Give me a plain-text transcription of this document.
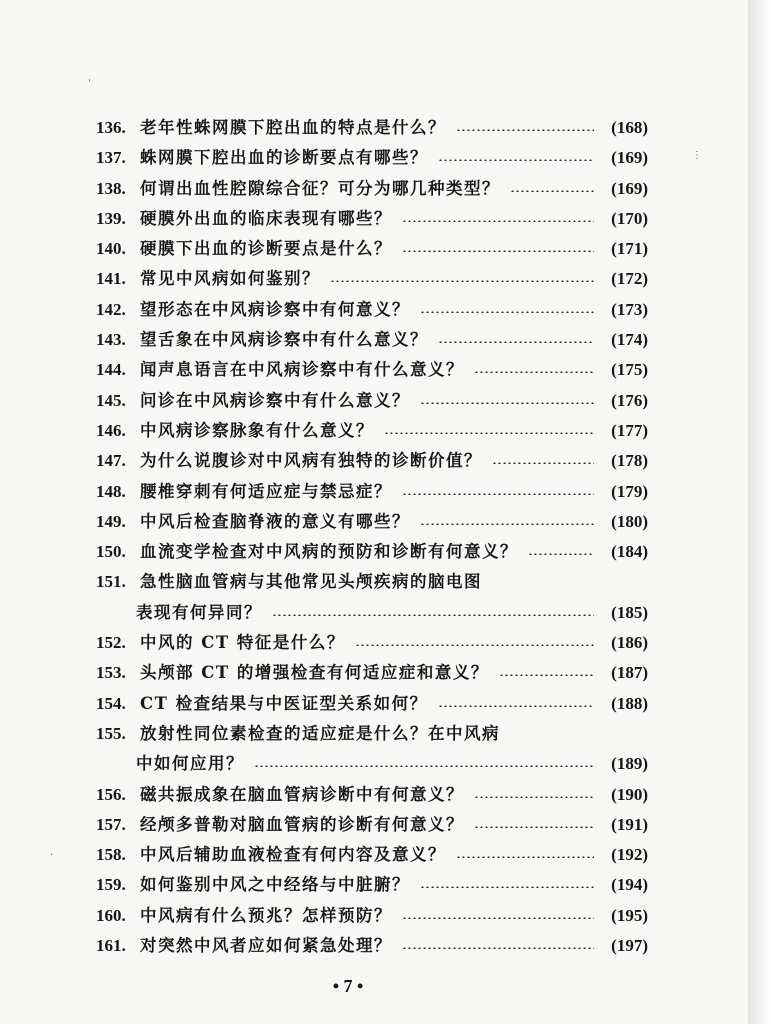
ˌ
⋮
·
136. 老年性蛛网膜下腔出血的特点是什么？	(168)
137. 蛛网膜下腔出血的诊断要点有哪些？	(169)
138. 何谓出血性腔隙综合征？可分为哪几种类型？	(169)
139. 硬膜外出血的临床表现有哪些？	(170)
140. 硬膜下出血的诊断要点是什么？	(171)
141. 常见中风病如何鉴别？	(172)
142. 望形态在中风病诊察中有何意义？	(173)
143. 望舌象在中风病诊察中有什么意义？	(174)
144. 闻声息语言在中风病诊察中有什么意义？	(175)
145. 问诊在中风病诊察中有什么意义？	(176)
146. 中风病诊察脉象有什么意义？	(177)
147. 为什么说腹诊对中风病有独特的诊断价值？	(178)
148. 腰椎穿刺有何适应症与禁忌症？	(179)
149. 中风后检查脑脊液的意义有哪些？	(180)
150. 血流变学检查对中风病的预防和诊断有何意义？	(184)
151. 急性脑血管病与其他常见头颅疾病的脑电图
表现有何异同？	(185)
152. 中风的 CT 特征是什么？	(186)
153. 头颅部 CT 的增强检查有何适应症和意义？	(187)
154. CT 检查结果与中医证型关系如何？	(188)
155. 放射性同位素检查的适应症是什么？在中风病
中如何应用？	(189)
156. 磁共振成象在脑血管病诊断中有何意义？	(190)
157. 经颅多普勒对脑血管病的诊断有何意义？	(191)
158. 中风后辅助血液检查有何内容及意义？	(192)
159. 如何鉴别中风之中经络与中脏腑？	(194)
160. 中风病有什么预兆？怎样预防？	(195)
161. 对突然中风者应如何紧急处理？	(197)
• 7 •
